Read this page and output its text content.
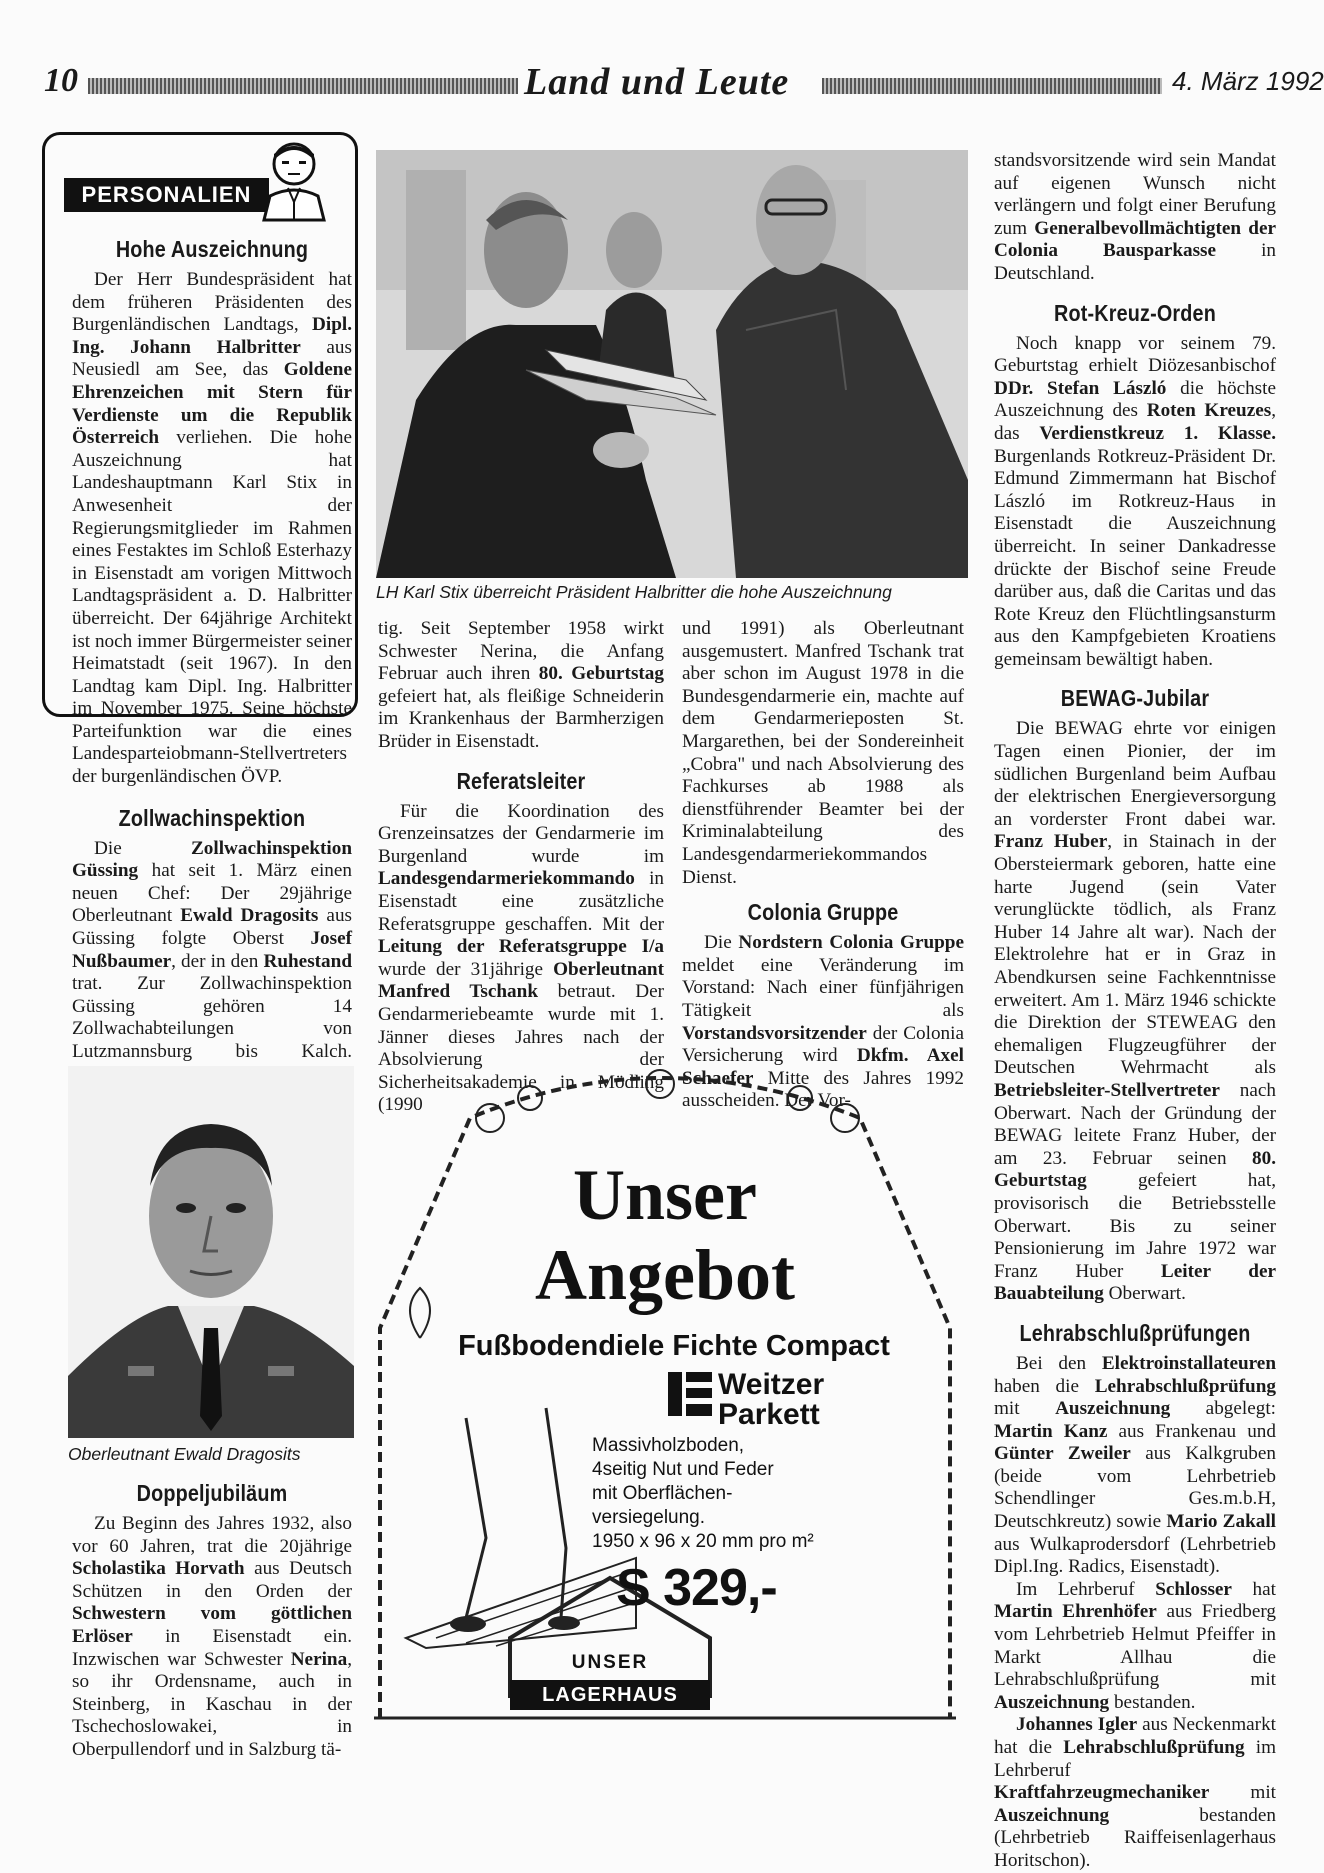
10	Land und Leute	4. März 1992
PERSONALIEN
Hohe Auszeichnung

Der Herr Bundespräsident hat dem früheren Präsidenten des Burgenländischen Landtags, Dipl. Ing. Johann Halbritter aus Neusiedl am See, das Goldene Ehrenzeichen mit Stern für Verdienste um die Republik Österreich verliehen. Die hohe Auszeichnung hat Landeshauptmann Karl Stix in Anwesenheit der Regierungsmitglieder im Rahmen eines Festaktes im Schloß Esterhazy in Eisenstadt am vorigen Mittwoch Landtagspräsident a. D. Halbritter überreicht. Der 64jährige Architekt ist noch immer Bürgermeister seiner Heimatstadt (seit 1967). In den Landtag kam Dipl. Ing. Halbritter im November 1975. Seine höchste Parteifunktion war die eines Landesparteiobmann-Stellvertreters der burgenländischen ÖVP.

Zollwachinspektion

Die Zollwachinspektion Güssing hat seit 1. März einen neuen Chef: Der 29jährige Oberleutnant Ewald Dragosits aus Güssing folgte Oberst Josef Nußbaumer, der in den Ruhestand trat. Zur Zollwachinspektion Güssing gehören 14 Zollwachabteilungen von Lutzmannsburg bis Kalch.

Oberleutnant Ewald Dragosits
Doppeljubiläum

Zu Beginn des Jahres 1932, also vor 60 Jahren, trat die 20jährige Scholastika Horvath aus Deutsch Schützen in den Orden der Schwestern vom göttlichen Erlöser in Eisenstadt ein. Inzwischen war Schwester Nerina, so ihr Ordensname, auch in Steinberg, in Kaschau in der Tschechoslowakei, in Oberpullendorf und in Salzburg tä-

LH Karl Stix überreicht Präsident Halbritter die hohe Auszeichnung

tig. Seit September 1958 wirkt Schwester Nerina, die Anfang Februar auch ihren 80. Geburtstag gefeiert hat, als fleißige Schneiderin im Krankenhaus der Barmherzigen Brüder in Eisenstadt.

Referatsleiter

Für die Koordination des Grenzeinsatzes der Gendarmerie im Burgenland wurde im Landesgendarmeriekommando in Eisenstadt eine zusätzliche Referatsgruppe geschaffen. Mit der Leitung der Referatsgruppe I/a wurde der 31jährige Oberleutnant Manfred Tschank betraut. Der Gendarmeriebeamte wurde mit 1. Jänner dieses Jahres nach der Absolvierung der Sicherheitsakademie in Mödling (1990

und 1991) als Oberleutnant ausgemustert. Manfred Tschank trat aber schon im August 1978 in die Bundesgendarmerie ein, machte auf dem Gendarmerieposten St. Margarethen, bei der Sondereinheit „Cobra" und nach Absolvierung des Fachkurses ab 1988 als dienstführender Beamter bei der Kriminalabteilung des Landesgendarmeriekommandos Dienst.

Colonia Gruppe

Die Nordstern Colonia Gruppe meldet eine Veränderung im Vorstand: Nach einer fünfjährigen Tätigkeit als Vorstandsvorsitzender der Colonia Versicherung wird Dkfm. Axel Schaefer Mitte des Jahres 1992 ausscheiden. Der Vor-

standsvorsitzende wird sein Mandat auf eigenen Wunsch nicht verlängern und folgt einer Berufung zum Generalbevollmächtigten der Colonia Bausparkasse in Deutschland.

Rot-Kreuz-Orden

Noch knapp vor seinem 79. Geburtstag erhielt Diözesanbischof DDr. Stefan László die höchste Auszeichnung des Roten Kreuzes, das Verdienstkreuz 1. Klasse. Burgenlands Rotkreuz-Präsident Dr. Edmund Zimmermann hat Bischof László im Rotkreuz-Haus in Eisenstadt die Auszeichnung überreicht. In seiner Dankadresse drückte der Bischof seine Freude darüber aus, daß die Caritas und das Rote Kreuz den Flüchtlingsansturm aus den Kampfgebieten Kroatiens gemeinsam bewältigt haben.

BEWAG-Jubilar

Die BEWAG ehrte vor einigen Tagen einen Pionier, der im südlichen Burgenland beim Aufbau der elektrischen Energieversorgung an vorderster Front dabei war. Franz Huber, in Stainach in der Obersteiermark geboren, hatte eine harte Jugend (sein Vater verunglückte tödlich, als Franz Huber 14 Jahre alt war). Nach der Elektrolehre hat er in Graz in Abendkursen seine Fachkenntnisse erweitert. Am 1. März 1946 schickte die Direktion der STEWEAG den ehemaligen Flugzeugführer der Deutschen Wehrmacht als Betriebsleiter-Stellvertreter nach Oberwart. Nach der Gründung der BEWAG leitete Franz Huber, der am 23. Februar seinen 80. Geburtstag gefeiert hat, provisorisch die Betriebsstelle Oberwart. Bis zu seiner Pensionierung im Jahre 1972 war Franz Huber Leiter der Bauabteilung Oberwart.

Lehrabschlußprüfungen

Bei den Elektroinstallateuren haben die Lehrabschlußprüfung mit Auszeichnung abgelegt: Martin Kanz aus Frankenau und Günter Zweiler aus Kalkgruben (beide vom Lehrbetrieb Schendlinger Ges.m.b.H, Deutschkreutz) sowie Mario Zakall aus Wulkaprodersdorf (Lehrbetrieb Dipl.Ing. Radics, Eisenstadt).

Im Lehrberuf Schlosser hat Martin Ehrenhöfer aus Friedberg vom Lehrbetrieb Helmut Pfeiffer in Markt Allhau die Lehrabschlußprüfung mit Auszeichnung bestanden.

Johannes Igler aus Neckenmarkt hat die Lehrabschlußprüfung im Lehrberuf Kraftfahrzeugmechaniker mit Auszeichnung bestanden (Lehrbetrieb Raiffeisenlagerhaus Horitschon).

Unser
Angebot
Fußbodendiele Fichte Compact
Weitzer
Parkett
Massivholzboden,
4seitig Nut und Feder
mit Oberflächen-
versiegelung.
1950 x 96 x 20 mm pro m²
S 329,-
UNSER
LAGERHAUS
